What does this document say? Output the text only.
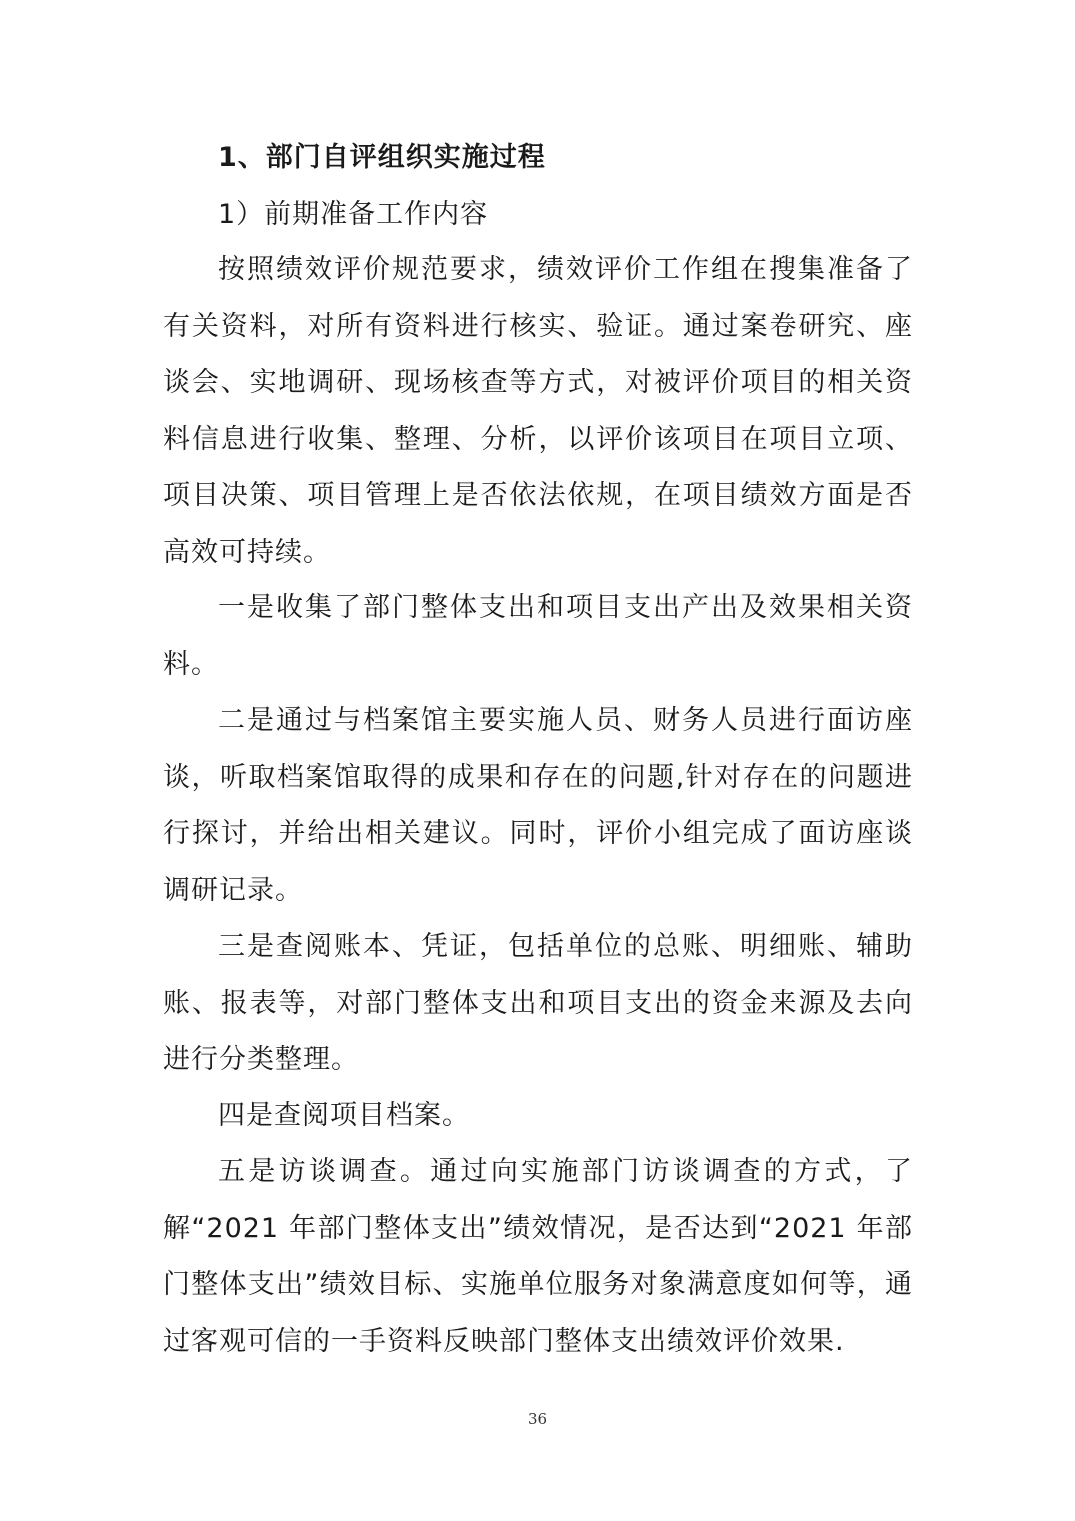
1、部门自评组织实施过程
1）前期准备工作内容

按照绩效评价规范要求，绩效评价工作组在搜集准备了有关资料，对所有资料进行核实、验证。通过案卷研究、座谈会、实地调研、现场核查等方式，对被评价项目的相关资料信息进行收集、整理、分析，以评价该项目在项目立项、项目决策、项目管理上是否依法依规，在项目绩效方面是否高效可持续。

一是收集了部门整体支出和项目支出产出及效果相关资料。

二是通过与档案馆主要实施人员、财务人员进行面访座谈，听取档案馆取得的成果和存在的问题,针对存在的问题进行探讨，并给出相关建议。同时，评价小组完成了面访座谈调研记录。

三是查阅账本、凭证，包括单位的总账、明细账、辅助账、报表等，对部门整体支出和项目支出的资金来源及去向进行分类整理。

四是查阅项目档案。

五是访谈调查。通过向实施部门访谈调查的方式，了解“2021 年部门整体支出”绩效情况，是否达到“2021 年部门整体支出”绩效目标、实施单位服务对象满意度如何等，通过客观可信的一手资料反映部门整体支出绩效评价效果.

36
